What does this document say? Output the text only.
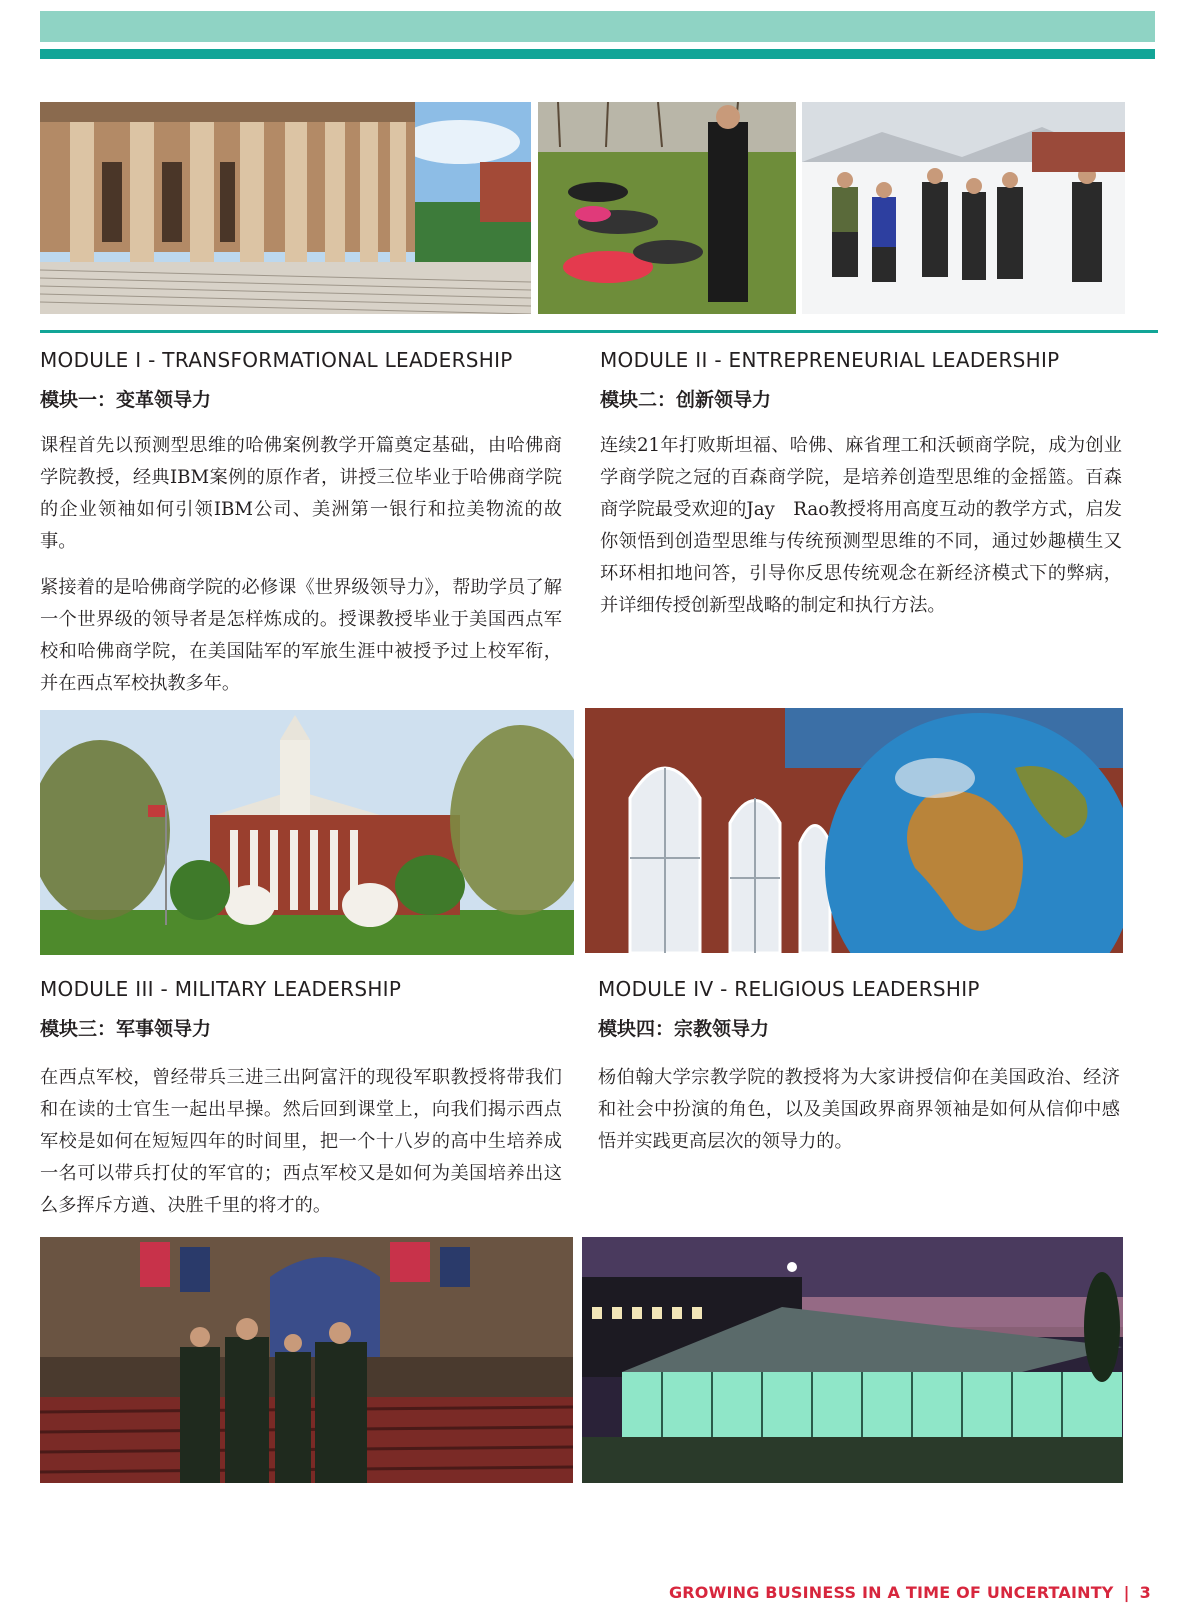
MODULE I - TRANSFORMATIONAL LEADERSHIP
模块一：变革领导力

课程首先以预测型思维的哈佛案例教学开篇奠定基础，由哈佛商学院教授，经典IBM案例的原作者，讲授三位毕业于哈佛商学院的企业领袖如何引领IBM公司、美洲第一银行和拉美物流的故事。

紧接着的是哈佛商学院的必修课《世界级领导力》，帮助学员了解一个世界级的领导者是怎样炼成的。授课教授毕业于美国西点军校和哈佛商学院，在美国陆军的军旅生涯中被授予过上校军衔，并在西点军校执教多年。

MODULE II - ENTREPRENEURIAL LEADERSHIP
模块二：创新领导力

连续21年打败斯坦福、哈佛、麻省理工和沃顿商学院，成为创业学商学院之冠的百森商学院，是培养创造型思维的金摇篮。百森商学院最受欢迎的Jay　Rao教授将用高度互动的教学方式，启发你领悟到创造型思维与传统预测型思维的不同，通过妙趣横生又环环相扣地问答，引导你反思传统观念在新经济模式下的弊病，并详细传授创新型战略的制定和执行方法。

MODULE III - MILITARY LEADERSHIP
模块三：军事领导力

在西点军校，曾经带兵三进三出阿富汗的现役军职教授将带我们和在读的士官生一起出早操。然后回到课堂上，向我们揭示西点军校是如何在短短四年的时间里，把一个十八岁的高中生培养成一名可以带兵打仗的军官的；西点军校又是如何为美国培养出这么多挥斥方遒、决胜千里的将才的。

MODULE IV - RELIGIOUS LEADERSHIP
模块四：宗教领导力

杨伯翰大学宗教学院的教授将为大家讲授信仰在美国政治、经济和社会中扮演的角色，以及美国政界商界领袖是如何从信仰中感悟并实践更高层次的领导力的。

GROWING BUSINESS IN A TIME OF UNCERTAINTY | 3
